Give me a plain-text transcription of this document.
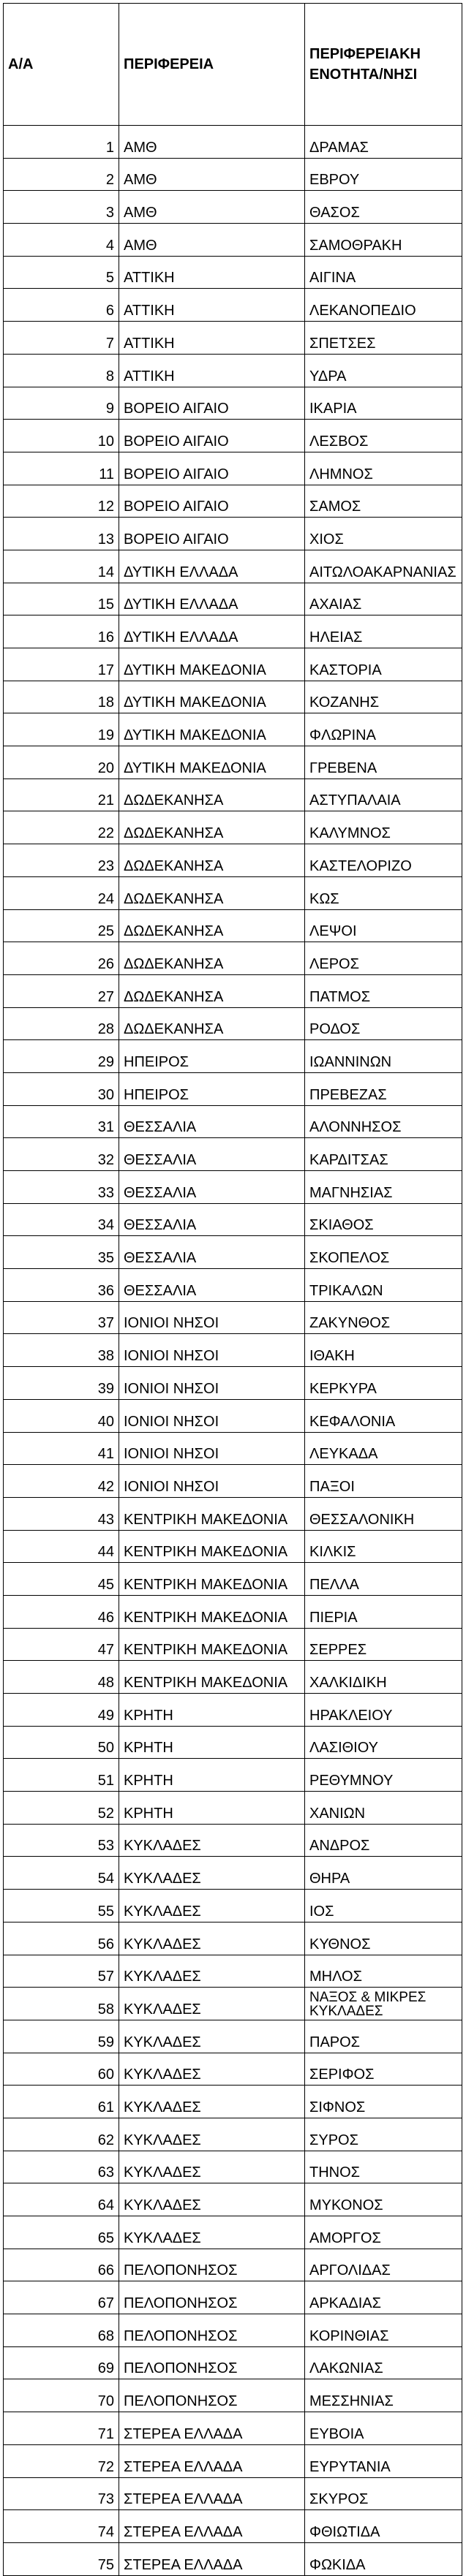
Α/Α	ΠΕΡΙΦΕΡΕΙΑ	ΠΕΡΙΦΕΡΕΙΑΚΗ ΕΝΟΤΗΤΑ/ΝΗΣΙ
1	ΑΜΘ	ΔΡΑΜΑΣ
2	ΑΜΘ	ΕΒΡΟΥ
3	ΑΜΘ	ΘΑΣΟΣ
4	ΑΜΘ	ΣΑΜΟΘΡΑΚΗ
5	ΑΤΤΙΚΗ	ΑΙΓΙΝΑ
6	ΑΤΤΙΚΗ	ΛΕΚΑΝΟΠΕΔΙΟ
7	ΑΤΤΙΚΗ	ΣΠΕΤΣΕΣ
8	ΑΤΤΙΚΗ	ΥΔΡΑ
9	ΒΟΡΕΙΟ ΑΙΓΑΙΟ	ΙΚΑΡΙΑ
10	ΒΟΡΕΙΟ ΑΙΓΑΙΟ	ΛΕΣΒΟΣ
11	ΒΟΡΕΙΟ ΑΙΓΑΙΟ	ΛΗΜΝΟΣ
12	ΒΟΡΕΙΟ ΑΙΓΑΙΟ	ΣΑΜΟΣ
13	ΒΟΡΕΙΟ ΑΙΓΑΙΟ	ΧΙΟΣ
14	ΔΥΤΙΚΗ ΕΛΛΑΔΑ	ΑΙΤΩΛΟΑΚΑΡΝΑΝΙΑΣ
15	ΔΥΤΙΚΗ ΕΛΛΑΔΑ	ΑΧΑΙΑΣ
16	ΔΥΤΙΚΗ ΕΛΛΑΔΑ	ΗΛΕΙΑΣ
17	ΔΥΤΙΚΗ ΜΑΚΕΔΟΝΙΑ	ΚΑΣΤΟΡΙΑ
18	ΔΥΤΙΚΗ ΜΑΚΕΔΟΝΙΑ	ΚΟΖΑΝΗΣ
19	ΔΥΤΙΚΗ ΜΑΚΕΔΟΝΙΑ	ΦΛΩΡΙΝΑ
20	ΔΥΤΙΚΗ ΜΑΚΕΔΟΝΙΑ	ΓΡΕΒΕΝΑ
21	ΔΩΔΕΚΑΝΗΣΑ	ΑΣΤΥΠΑΛΑΙΑ
22	ΔΩΔΕΚΑΝΗΣΑ	ΚΑΛΥΜΝΟΣ
23	ΔΩΔΕΚΑΝΗΣΑ	ΚΑΣΤΕΛΟΡΙΖΟ
24	ΔΩΔΕΚΑΝΗΣΑ	ΚΩΣ
25	ΔΩΔΕΚΑΝΗΣΑ	ΛΕΨΟΙ
26	ΔΩΔΕΚΑΝΗΣΑ	ΛΕΡΟΣ
27	ΔΩΔΕΚΑΝΗΣΑ	ΠΑΤΜΟΣ
28	ΔΩΔΕΚΑΝΗΣΑ	ΡΟΔΟΣ
29	ΗΠΕΙΡΟΣ	ΙΩΑΝΝΙΝΩΝ
30	ΗΠΕΙΡΟΣ	ΠΡΕΒΕΖΑΣ
31	ΘΕΣΣΑΛΙΑ	ΑΛΟΝΝΗΣΟΣ
32	ΘΕΣΣΑΛΙΑ	ΚΑΡΔΙΤΣΑΣ
33	ΘΕΣΣΑΛΙΑ	ΜΑΓΝΗΣΙΑΣ
34	ΘΕΣΣΑΛΙΑ	ΣΚΙΑΘΟΣ
35	ΘΕΣΣΑΛΙΑ	ΣΚΟΠΕΛΟΣ
36	ΘΕΣΣΑΛΙΑ	ΤΡΙΚΑΛΩΝ
37	ΙΟΝΙΟΙ ΝΗΣΟΙ	ΖΑΚΥΝΘΟΣ
38	ΙΟΝΙΟΙ ΝΗΣΟΙ	ΙΘΑΚΗ
39	ΙΟΝΙΟΙ ΝΗΣΟΙ	ΚΕΡΚΥΡΑ
40	ΙΟΝΙΟΙ ΝΗΣΟΙ	ΚΕΦΑΛΟΝΙΑ
41	ΙΟΝΙΟΙ ΝΗΣΟΙ	ΛΕΥΚΑΔΑ
42	ΙΟΝΙΟΙ ΝΗΣΟΙ	ΠΑΞΟΙ
43	ΚΕΝΤΡΙΚΗ ΜΑΚΕΔΟΝΙΑ	ΘΕΣΣΑΛΟΝΙΚΗ
44	ΚΕΝΤΡΙΚΗ ΜΑΚΕΔΟΝΙΑ	ΚΙΛΚΙΣ
45	ΚΕΝΤΡΙΚΗ ΜΑΚΕΔΟΝΙΑ	ΠΕΛΛΑ
46	ΚΕΝΤΡΙΚΗ ΜΑΚΕΔΟΝΙΑ	ΠΙΕΡΙΑ
47	ΚΕΝΤΡΙΚΗ ΜΑΚΕΔΟΝΙΑ	ΣΕΡΡΕΣ
48	ΚΕΝΤΡΙΚΗ ΜΑΚΕΔΟΝΙΑ	ΧΑΛΚΙΔΙΚΗ
49	ΚΡΗΤΗ	ΗΡΑΚΛΕΙΟΥ
50	ΚΡΗΤΗ	ΛΑΣΙΘΙΟΥ
51	ΚΡΗΤΗ	ΡΕΘΥΜΝΟΥ
52	ΚΡΗΤΗ	ΧΑΝΙΩΝ
53	ΚΥΚΛΑΔΕΣ	ΑΝΔΡΟΣ
54	ΚΥΚΛΑΔΕΣ	ΘΗΡΑ
55	ΚΥΚΛΑΔΕΣ	ΙΟΣ
56	ΚΥΚΛΑΔΕΣ	ΚΥΘΝΟΣ
57	ΚΥΚΛΑΔΕΣ	ΜΗΛΟΣ
58	ΚΥΚΛΑΔΕΣ	ΝΑΞΟΣ & ΜΙΚΡΕΣ ΚΥΚΛΑΔΕΣ
59	ΚΥΚΛΑΔΕΣ	ΠΑΡΟΣ
60	ΚΥΚΛΑΔΕΣ	ΣΕΡΙΦΟΣ
61	ΚΥΚΛΑΔΕΣ	ΣΙΦΝΟΣ
62	ΚΥΚΛΑΔΕΣ	ΣΥΡΟΣ
63	ΚΥΚΛΑΔΕΣ	ΤΗΝΟΣ
64	ΚΥΚΛΑΔΕΣ	ΜΥΚΟΝΟΣ
65	ΚΥΚΛΑΔΕΣ	ΑΜΟΡΓΟΣ
66	ΠΕΛΟΠΟΝΗΣΟΣ	ΑΡΓΟΛΙΔΑΣ
67	ΠΕΛΟΠΟΝΗΣΟΣ	ΑΡΚΑΔΙΑΣ
68	ΠΕΛΟΠΟΝΗΣΟΣ	ΚΟΡΙΝΘΙΑΣ
69	ΠΕΛΟΠΟΝΗΣΟΣ	ΛΑΚΩΝΙΑΣ
70	ΠΕΛΟΠΟΝΗΣΟΣ	ΜΕΣΣΗΝΙΑΣ
71	ΣΤΕΡΕΑ ΕΛΛΑΔΑ	ΕΥΒΟΙΑ
72	ΣΤΕΡΕΑ ΕΛΛΑΔΑ	ΕΥΡΥΤΑΝΙΑ
73	ΣΤΕΡΕΑ ΕΛΛΑΔΑ	ΣΚΥΡΟΣ
74	ΣΤΕΡΕΑ ΕΛΛΑΔΑ	ΦΘΙΩΤΙΔΑ
75	ΣΤΕΡΕΑ ΕΛΛΑΔΑ	ΦΩΚΙΔΑ
